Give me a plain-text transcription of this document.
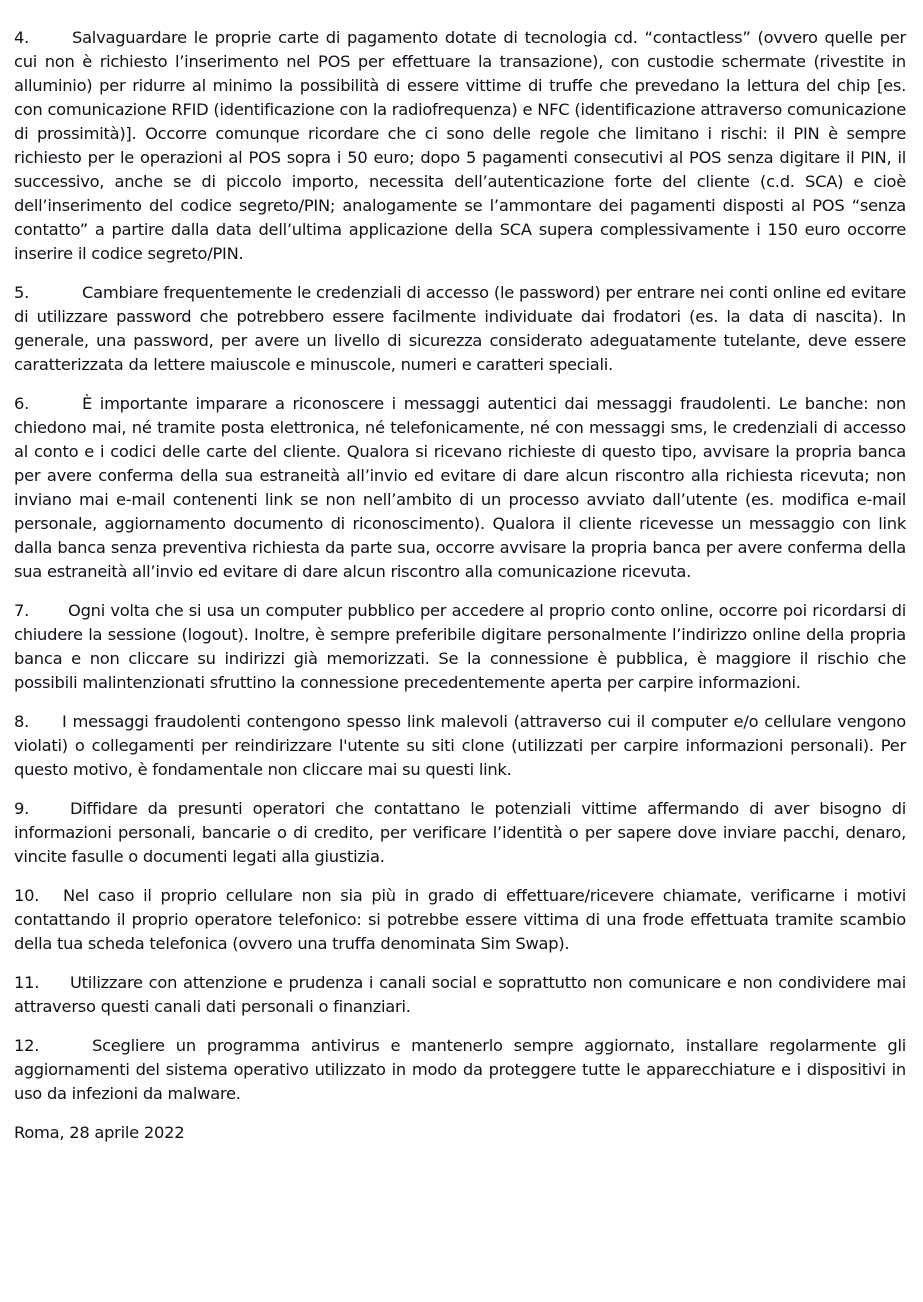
4.	Salvaguardare le proprie carte di pagamento dotate di tecnologia cd. “contactless” (ovvero quelle per cui non è richiesto l’inserimento nel POS per effettuare la transazione), con custodie schermate (rivestite in alluminio) per ridurre al minimo la possibilità di essere vittime di truffe che prevedano la lettura del chip [es. con comunicazione RFID (identificazione con la radiofrequenza) e NFC (identificazione attraverso comunicazione di prossimità)]. Occorre comunque ricordare che ci sono delle regole che limitano i rischi: il PIN è sempre richiesto per le operazioni al POS sopra i 50 euro; dopo 5 pagamenti consecutivi al POS senza digitare il PIN, il successivo, anche se di piccolo importo, necessita dell’autenticazione forte del cliente (c.d. SCA) e cioè dell’inserimento del codice segreto/PIN; analogamente se l’ammontare dei pagamenti disposti al POS “senza contatto” a partire dalla data dell’ultima applicazione della SCA supera complessivamente i 150 euro occorre inserire il codice segreto/PIN.

5.	Cambiare frequentemente le credenziali di accesso (le password) per entrare nei conti online ed evitare di utilizzare password che potrebbero essere facilmente individuate dai frodatori (es. la data di nascita). In generale, una password, per avere un livello di sicurezza considerato adeguatamente tutelante, deve essere caratterizzata da lettere maiuscole e minuscole, numeri e caratteri speciali.

6.	È importante imparare a riconoscere i messaggi autentici dai messaggi fraudolenti. Le banche: non chiedono mai, né tramite posta elettronica, né telefonicamente, né con messaggi sms, le credenziali di accesso al conto e i codici delle carte del cliente. Qualora si ricevano richieste di questo tipo, avvisare la propria banca per avere conferma della sua estraneità all’invio ed evitare di dare alcun riscontro alla richiesta ricevuta; non inviano mai e-mail contenenti link se non nell’ambito di un processo avviato dall’utente (es. modifica e-mail personale, aggiornamento documento di riconoscimento). Qualora il cliente ricevesse un messaggio con link dalla banca senza preventiva richiesta da parte sua, occorre avvisare la propria banca per avere conferma della sua estraneità all’invio ed evitare di dare alcun riscontro alla comunicazione ricevuta.

7. Ogni volta che si usa un computer pubblico per accedere al proprio conto online, occorre poi ricordarsi di chiudere la sessione (logout). Inoltre, è sempre preferibile digitare personalmente l’indirizzo online della propria banca e non cliccare su indirizzi già memorizzati. Se la connessione è pubblica, è maggiore il rischio che possibili malintenzionati sfruttino la connessione precedentemente aperta per carpire informazioni.

8. I messaggi fraudolenti contengono spesso link malevoli (attraverso cui il computer e/o cellulare vengono violati) o collegamenti per reindirizzare l'utente su siti clone (utilizzati per carpire informazioni personali). Per questo motivo, è fondamentale non cliccare mai su questi link.

9.	Diffidare da presunti operatori che contattano le potenziali vittime affermando di aver bisogno di informazioni personali, bancarie o di credito, per verificare l’identità o per sapere dove inviare pacchi, denaro, vincite fasulle o documenti legati alla giustizia.

10. Nel caso il proprio cellulare non sia più in grado di effettuare/ricevere chiamate, verificarne i motivi contattando il proprio operatore telefonico: si potrebbe essere vittima di una frode effettuata tramite scambio della tua scheda telefonica (ovvero una truffa denominata Sim Swap).

11. Utilizzare con attenzione e prudenza i canali social e soprattutto non comunicare e non condividere mai attraverso questi canali dati personali o finanziari.

12.	Scegliere un programma antivirus e mantenerlo sempre aggiornato, installare regolarmente gli aggiornamenti del sistema operativo utilizzato in modo da proteggere tutte le apparecchiature e i dispositivi in uso da infezioni da malware.

Roma, 28 aprile 2022
